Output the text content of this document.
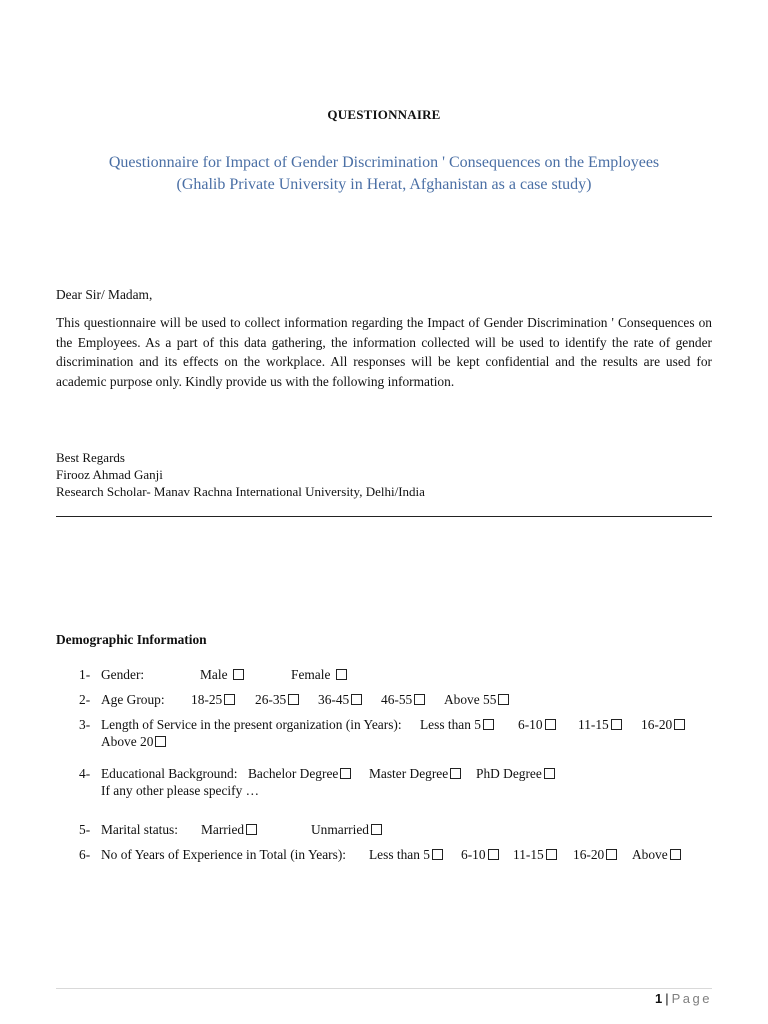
QUESTIONNAIRE
Questionnaire for Impact of Gender Discrimination ' Consequences on the Employees
(Ghalib Private University in Herat, Afghanistan as a case study)
Dear Sir/ Madam,
This questionnaire will be used to collect information regarding the Impact of Gender Discrimination ' Consequences on the Employees. As a part of this data gathering, the information collected will be used to identify the rate of gender discrimination and its effects on the workplace. All responses will be kept confidential and the results are used for academic purpose only. Kindly provide us with the following information.
Best Regards
Firooz Ahmad Ganji
Research Scholar- Manav Rachna International University, Delhi/India
Demographic Information
1- Gender:	Male	Female
2- Age Group: 18-25	26-35	36-45	46-55	Above 55
3- Length of Service in the present organization (in Years): Less than 5	6-10	11-15	16-20
Above 20
4- Educational Background: Bachelor Degree	Master Degree	PhD Degree
If any other please specify …
5- Marital status: Married	Unmarried
6- No of Years of Experience in Total (in Years): Less than 5	6-10	11-15	16-20	Above
1 | Page
